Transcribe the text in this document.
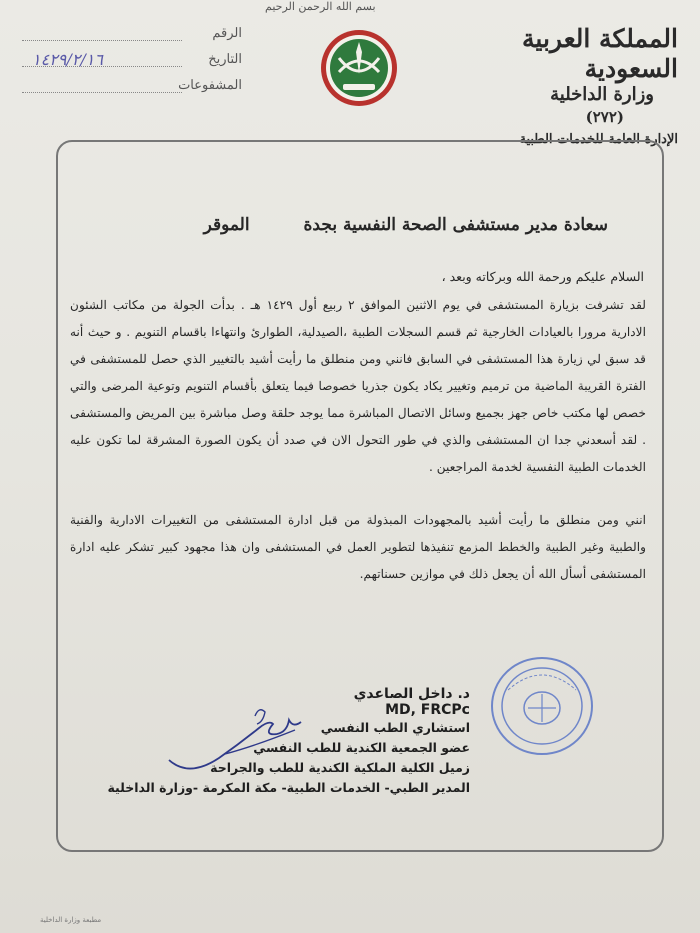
بسم الله الرحمن الرحيم
المملكة العربية السعودية
وزارة الداخلية
(٢٧٢)
الإدارة العامة للخدمات الطبية
الرقم
التاريخ
١٤٢٩/٢/١٦
المشفوعات
سعادة مدير مستشفى الصحة النفسية بجدة الموقر
السلام عليكم ورحمة الله وبركاته وبعد ،
لقد تشرفت بزيارة المستشفى في يوم الاثنين الموافق ٢ ربيع أول ١٤٢٩ هـ . بدأت الجولة من مكاتب الشئون الادارية مرورا بالعيادات الخارجية ثم قسم السجلات الطبية ،الصيدلية، الطوارئ وانتهاءا باقسام التنويم . و حيث أنه قد سبق لي زيارة هذا المستشفى في السابق فانني ومن منطلق ما رأيت أشيد بالتغيير الذي حصل للمستشفى في الفترة القريبة الماضية من ترميم وتغيير يكاد يكون جذريا خصوصا فيما يتعلق بأقسام التنويم وتوعية المرضى والتي خصص لها مكتب خاص جهز بجميع وسائل الاتصال المباشرة مما يوجد حلقة وصل مباشرة بين المريض والمستشفى . لقد أسعدني جدا ان المستشفى والذي في طور التحول الان في صدد أن يكون الصورة المشرقة لما تكون عليه الخدمات الطبية النفسية لخدمة المراجعين .
انني ومن منطلق ما رأيت أشيد بالمجهودات المبذولة من قبل ادارة المستشفى من التغييرات الادارية والفنية والطبية وغير الطبية والخطط المزمع تنفيذها لتطوير العمل في المستشفى وان هذا مجهود كبير تشكر عليه ادارة المستشفى أسأل الله أن يجعل ذلك في موازين حسناتهم.
د. داخل الصاعدي
MD, FRCPc
استشاري الطب النفسي
عضو الجمعية الكندية للطب النفسي
زميل الكلية الملكية الكندية للطب والجراحة
المدير الطبي- الخدمات الطبية- مكة المكرمة -وزارة الداخلية
مطبعة وزارة الداخلية
